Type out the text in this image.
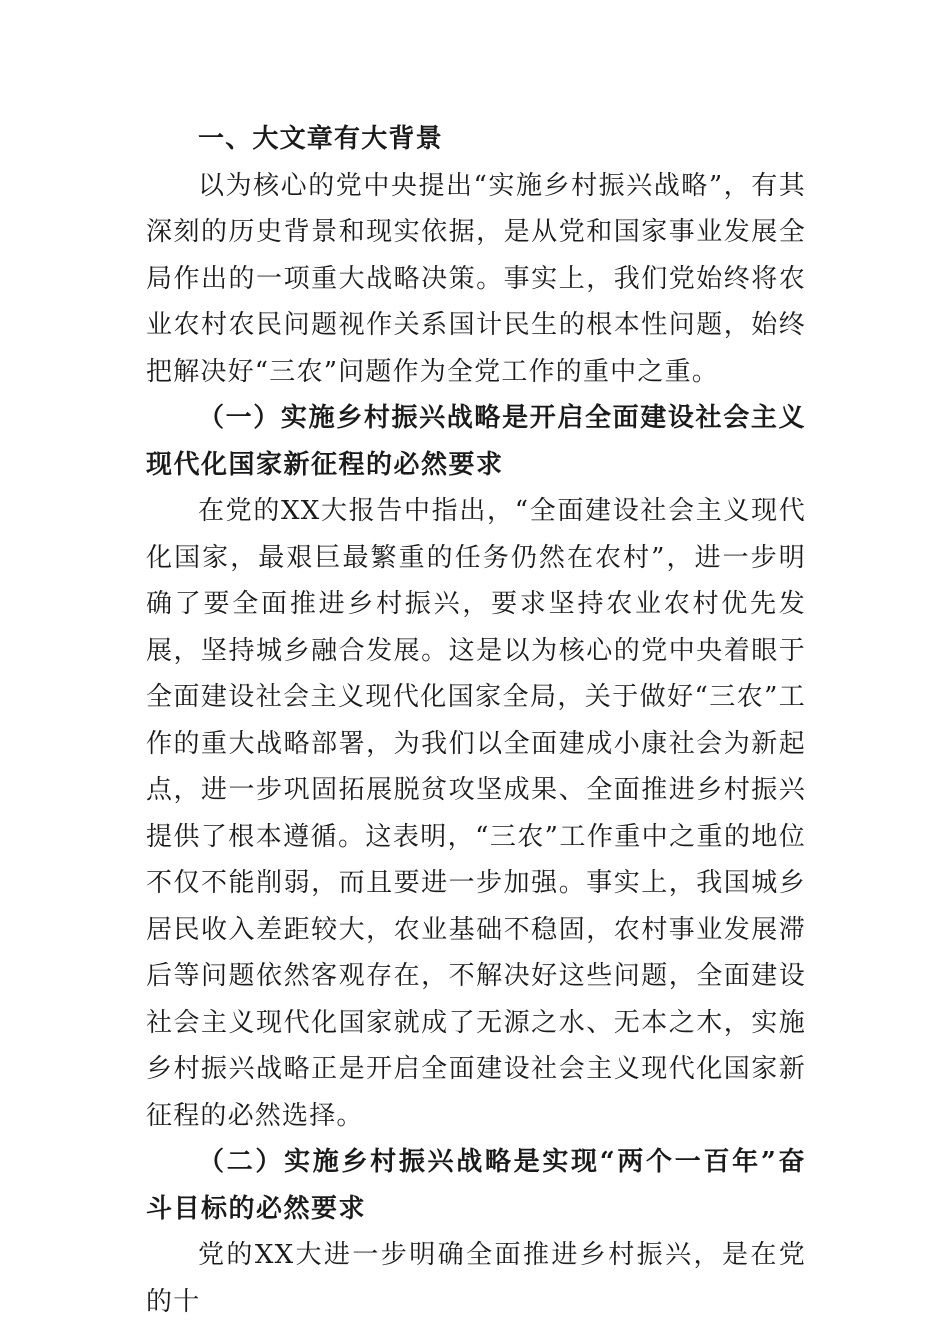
一、大文章有大背景

以为核心的党中央提出“实施乡村振兴战略”，有其深刻的历史背景和现实依据，是从党和国家事业发展全局作出的一项重大战略决策。事实上，我们党始终将农业农村农民问题视作关系国计民生的根本性问题，始终把解决好“三农”问题作为全党工作的重中之重。

（一）实施乡村振兴战略是开启全面建设社会主义现代化国家新征程的必然要求

在党的XX大报告中指出，“全面建设社会主义现代化国家，最艰巨最繁重的任务仍然在农村”，进一步明确了要全面推进乡村振兴，要求坚持农业农村优先发展，坚持城乡融合发展。这是以为核心的党中央着眼于全面建设社会主义现代化国家全局，关于做好“三农”工作的重大战略部署，为我们以全面建成小康社会为新起点，进一步巩固拓展脱贫攻坚成果、全面推进乡村振兴提供了根本遵循。这表明，“三农”工作重中之重的地位不仅不能削弱，而且要进一步加强。事实上，我国城乡居民收入差距较大，农业基础不稳固，农村事业发展滞后等问题依然客观存在，不解决好这些问题，全面建设社会主义现代化国家就成了无源之水、无本之木，实施乡村振兴战略正是开启全面建设社会主义现代化国家新征程的必然选择。

（二）实施乡村振兴战略是实现“两个一百年”奋斗目标的必然要求

党的XX大进一步明确全面推进乡村振兴，是在党的十
